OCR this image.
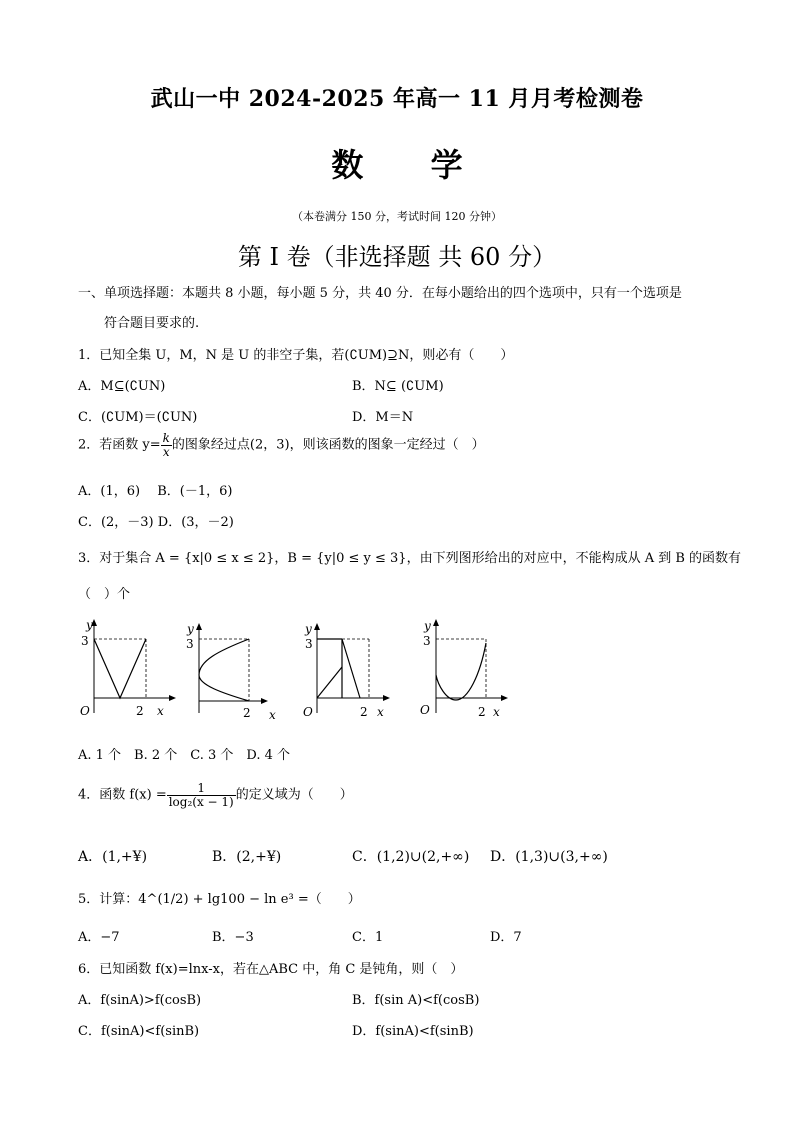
武山一中 2024-2025 年高一 11 月月考检测卷
数 学
（本卷满分 150 分，考试时间 120 分钟）
第 I 卷（非选择题 共 60 分）
一、单项选择题：本题共 8 小题，每小题 5 分，共 40 分．在每小题给出的四个选项中，只有一个选项是
符合题目要求的.
1．已知全集 U，M，N 是 U 的非空子集，若(∁UM)⊇N，则必有（　　）
A．M⊆(∁UN)	B．N⊆ (∁UM)
C．(∁UM)＝(∁UN)	D．M＝N
2．若函数 $y= \frac{k}{x}$ 的图象经过点(2，3)，则该函数的图象一定经过（　）
A．(1，6)　 B．(－1，6)
C．(2，－3) D．(3，－2)
3．对于集合 A = {x|0 ≤ x ≤ 2}，B = {y|0 ≤ y ≤ 3}，由下列图形给出的对应中，不能构成从 A 到 B 的函数有
（　）个
y
3
O	2 x
y
3
2 x
y
3
O	2 x
y
3
O	2 x
A. 1 个　B. 2 个　C. 3 个　D. 4 个
4．函数 $f(x) = \frac{1}{\text{log₂(x − 1)}}$ 的定义域为（　　）
A．(1,+¥)	B．(2,+¥)	C．(1,2)∪(2,+∞) D．(1,3)∪(3,+∞)
5．计算：4^(1/2) + lg100 − ln e³ =（　　）
A．−7	B．−3	C．1	D．7
6．已知函数 f(x)=lnx-x，若在△ABC 中，角 C 是钝角，则（　）
A．f(sinA)>f(cosB)	B．f(sin A)<f(cosB)
C．f(sinA)<f(sinB)	D．f(sinA)<f(sinB)
